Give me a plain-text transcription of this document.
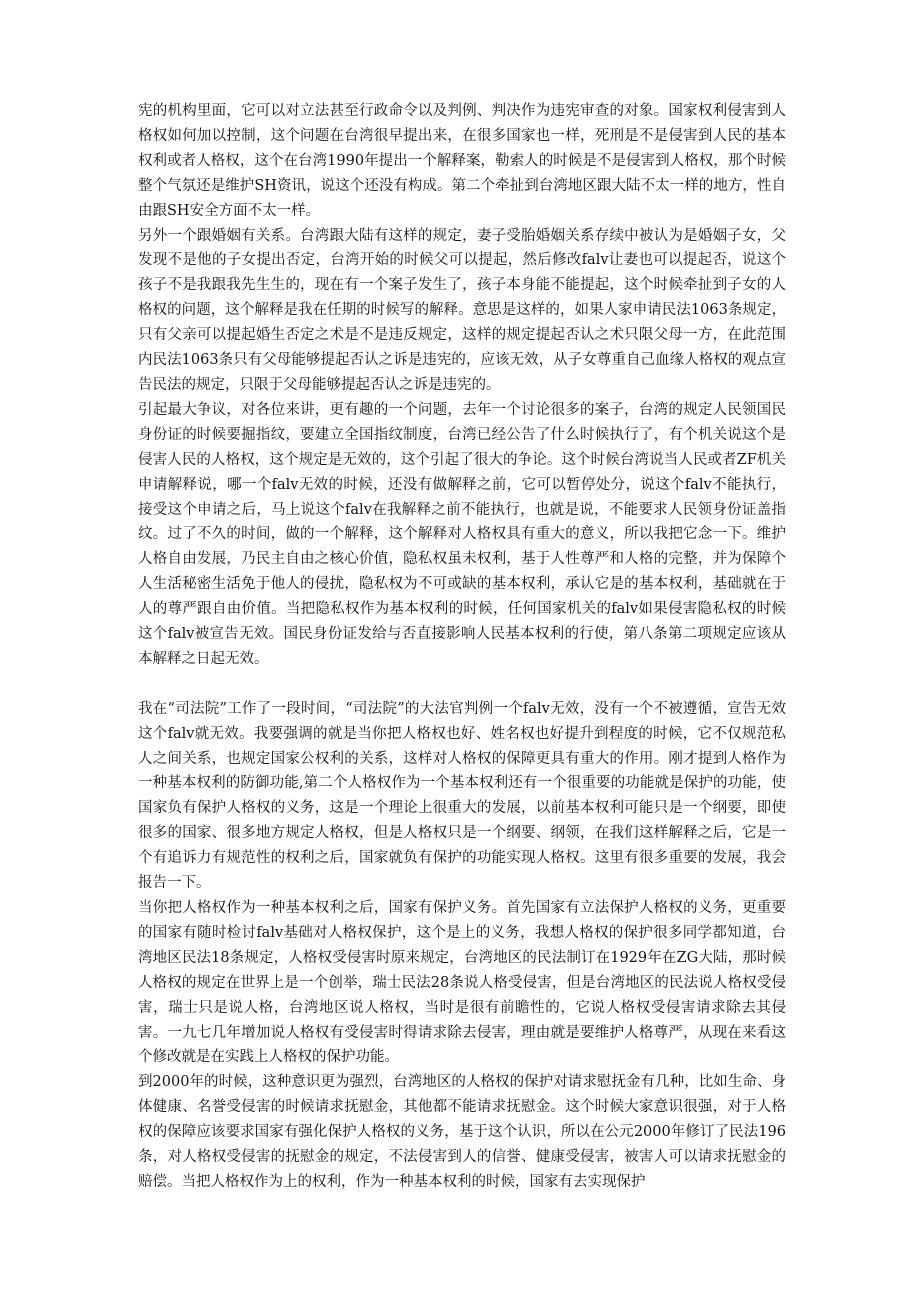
宪的机构里面，它可以对立法甚至行政命令以及判例、判决作为违宪审查的对象。国家权利侵害到人格权如何加以控制，这个问题在台湾很早提出来，在很多国家也一样，死刑是不是侵害到人民的基本权利或者人格权，这个在台湾1990年提出一个解释案，勒索人的时候是不是侵害到人格权，那个时候整个气氛还是维护SH资讯，说这个还没有构成。第二个牵扯到台湾地区跟大陆不太一样的地方，性自由跟SH安全方面不太一样。

另外一个跟婚姻有关系。台湾跟大陆有这样的规定，妻子受胎婚姻关系存续中被认为是婚姻子女，父发现不是他的子女提出否定，台湾开始的时候父可以提起，然后修改falv让妻也可以提起否，说这个孩子不是我跟我先生生的，现在有一个案子发生了，孩子本身能不能提起，这个时候牵扯到子女的人格权的问题，这个解释是我在任期的时候写的解释。意思是这样的，如果人家申请民法1063条规定，只有父亲可以提起婚生否定之术是不是违反规定，这样的规定提起否认之术只限父母一方，在此范围内民法1063条只有父母能够提起否认之诉是违宪的，应该无效，从子女尊重自己血缘人格权的观点宣告民法的规定，只限于父母能够提起否认之诉是违宪的。

引起最大争议，对各位来讲，更有趣的一个问题，去年一个讨论很多的案子，台湾的规定人民领国民身份证的时候要掘指纹，要建立全国指纹制度，台湾已经公告了什么时候执行了，有个机关说这个是侵害人民的人格权，这个规定是无效的，这个引起了很大的争论。这个时候台湾说当人民或者ZF机关申请解释说，哪一个falv无效的时候，还没有做解释之前，它可以暂停处分，说这个falv不能执行，接受这个申请之后，马上说这个falv在我解释之前不能执行，也就是说，不能要求人民领身份证盖指纹。过了不久的时间，做的一个解释，这个解释对人格权具有重大的意义，所以我把它念一下。维护人格自由发展，乃民主自由之核心价值，隐私权虽未权利，基于人性尊严和人格的完整，并为保障个人生活秘密生活免于他人的侵扰，隐私权为不可或缺的基本权利，承认它是的基本权利，基础就在于人的尊严跟自由价值。当把隐私权作为基本权利的时候，任何国家机关的falv如果侵害隐私权的时候这个falv被宣告无效。国民身份证发给与否直接影响人民基本权利的行使，第八条第二项规定应该从本解释之日起无效。

我在“司法院”工作了一段时间，“司法院”的大法官判例一个falv无效，没有一个不被遵循，宣告无效这个falv就无效。我要强调的就是当你把人格权也好、姓名权也好提升到程度的时候，它不仅规范私人之间关系，也规定国家公权利的关系，这样对人格权的保障更具有重大的作用。刚才提到人格作为一种基本权利的防御功能,第二个人格权作为一个基本权利还有一个很重要的功能就是保护的功能，使国家负有保护人格权的义务，这是一个理论上很重大的发展，以前基本权利可能只是一个纲要，即使很多的国家、很多地方规定人格权，但是人格权只是一个纲要、纲领，在我们这样解释之后，它是一个有追诉力有规范性的权利之后，国家就负有保护的功能实现人格权。这里有很多重要的发展，我会报告一下。

当你把人格权作为一种基本权利之后，国家有保护义务。首先国家有立法保护人格权的义务，更重要的国家有随时检讨falv基础对人格权保护，这个是上的义务，我想人格权的保护很多同学都知道，台湾地区民法18条规定，人格权受侵害时原来规定，台湾地区的民法制订在1929年在ZG大陆，那时候人格权的规定在世界上是一个创举，瑞士民法28条说人格受侵害，但是台湾地区的民法说人格权受侵害，瑞士只是说人格，台湾地区说人格权，当时是很有前瞻性的，它说人格权受侵害请求除去其侵害。一九七几年增加说人格权有受侵害时得请求除去侵害，理由就是要维护人格尊严，从现在来看这个修改就是在实践上人格权的保护功能。

到2000年的时候，这种意识更为强烈，台湾地区的人格权的保护对请求慰抚金有几种，比如生命、身体健康、名誉受侵害的时候请求抚慰金，其他都不能请求抚慰金。这个时候大家意识很强，对于人格权的保障应该要求国家有强化保护人格权的义务，基于这个认识，所以在公元2000年修订了民法196条，对人格权受侵害的抚慰金的规定，不法侵害到人的信誉、健康受侵害，被害人可以请求抚慰金的赔偿。当把人格权作为上的权利，作为一种基本权利的时候，国家有去实现保护
